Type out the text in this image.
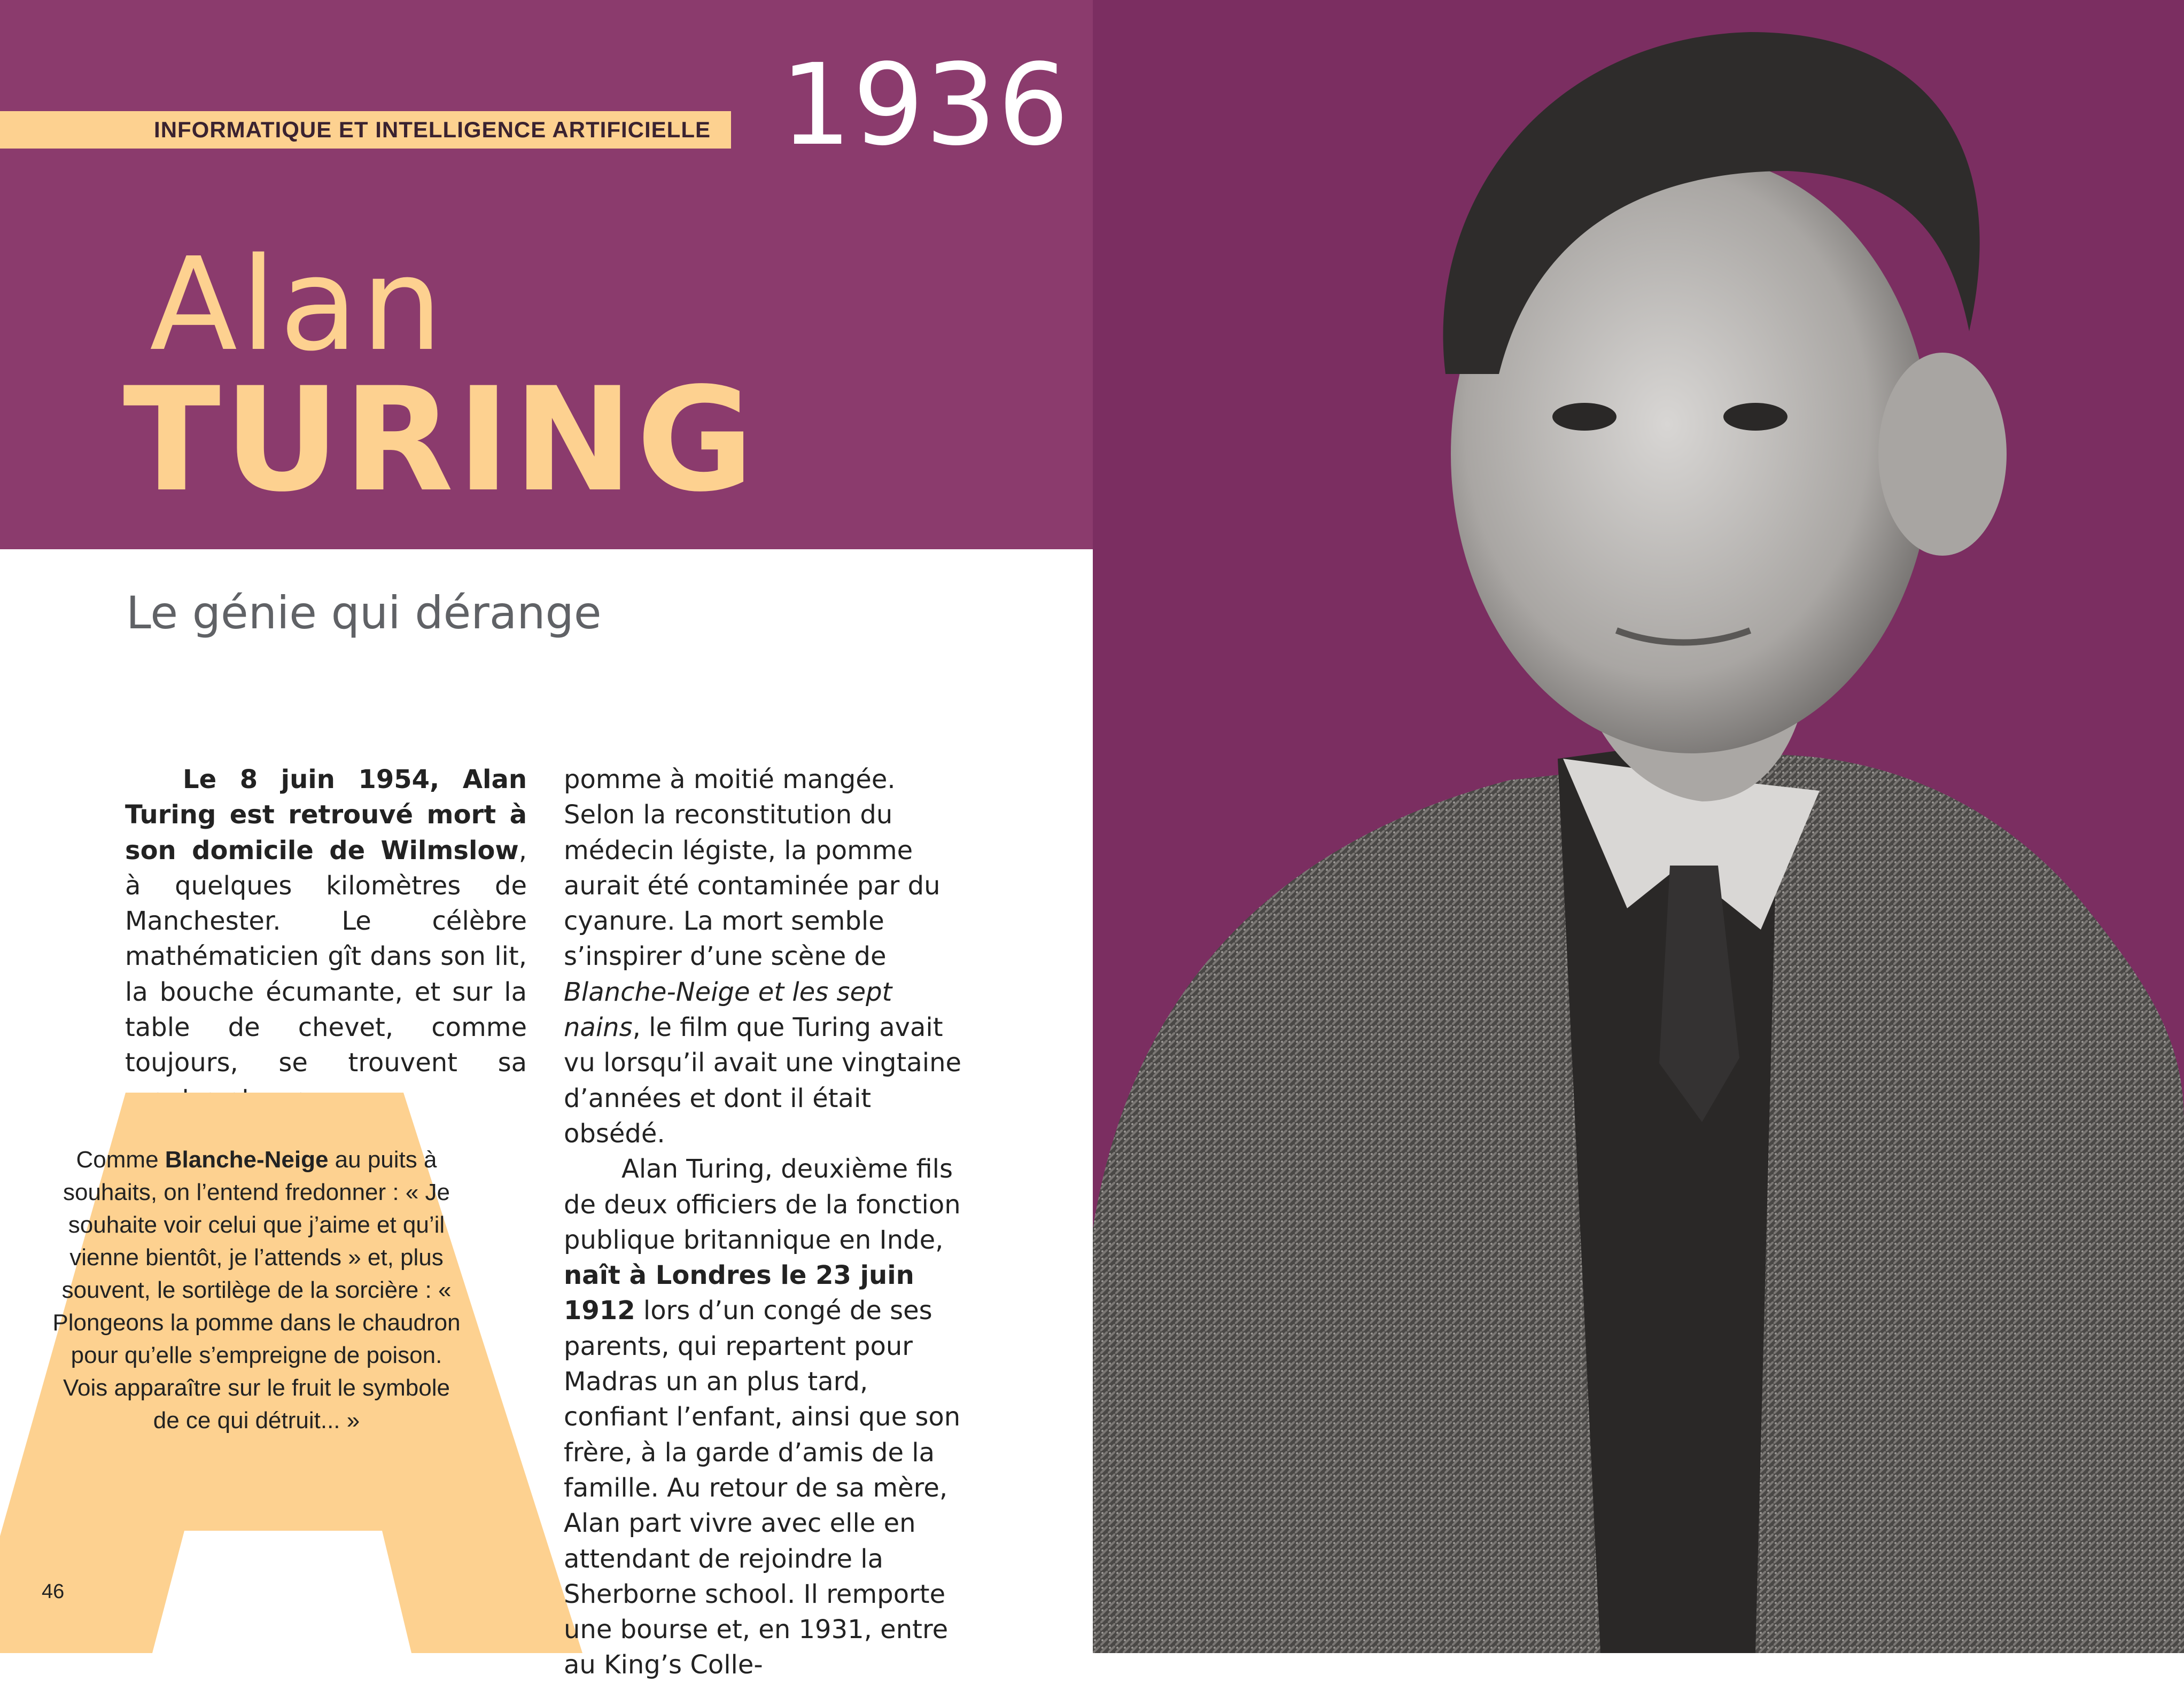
INFORMATIQUE ET INTELLIGENCE ARTIFICIELLE 1936
Alan
TURING
Le génie qui dérange

Le 8 juin 1954, Alan Turing est retrouvé mort à son domicile de Wilmslow, à quelques kilomètres de Manchester. Le célèbre mathématicien gît dans son lit, la bouche écumante, et sur la table de chevet, comme toujours, se trouvent sa

Comme Blanche-Neige au puits à souhaits, on l’entend fredonner : « Je souhaite voir celui que j’aime et qu’il vienne bientôt, je l’attends » et, plus souvent, le sortilège de la sorcière : « Plongeons la pomme dans le chaudron pour qu’elle s’empreigne de poison. Vois apparaître sur le fruit le symbole de ce qui détruit... »
46

pomme à moitié mangée. Selon la reconstitution du médecin légiste, la pomme aurait été contaminée par du cyanure. La mort semble s’inspirer d’une scène de Blanche-Neige et les sept nains, le film que Turing avait vu lorsqu’il avait une vingtaine d’années et dont il était obsédé.

Alan Turing, deuxième fils de deux officiers de la fonction publique britannique en Inde, naît à Londres le 23 juin 1912 lors d’un congé de ses parents, qui repartent pour Madras un an plus tard, confiant l’enfant, ainsi que son frère, à la garde d’amis de la famille. Au retour de sa mère, Alan part vivre avec elle en attendant de rejoindre la Sherborne school. Il remporte une bourse et, en 1931, entre au King’s Colle-
